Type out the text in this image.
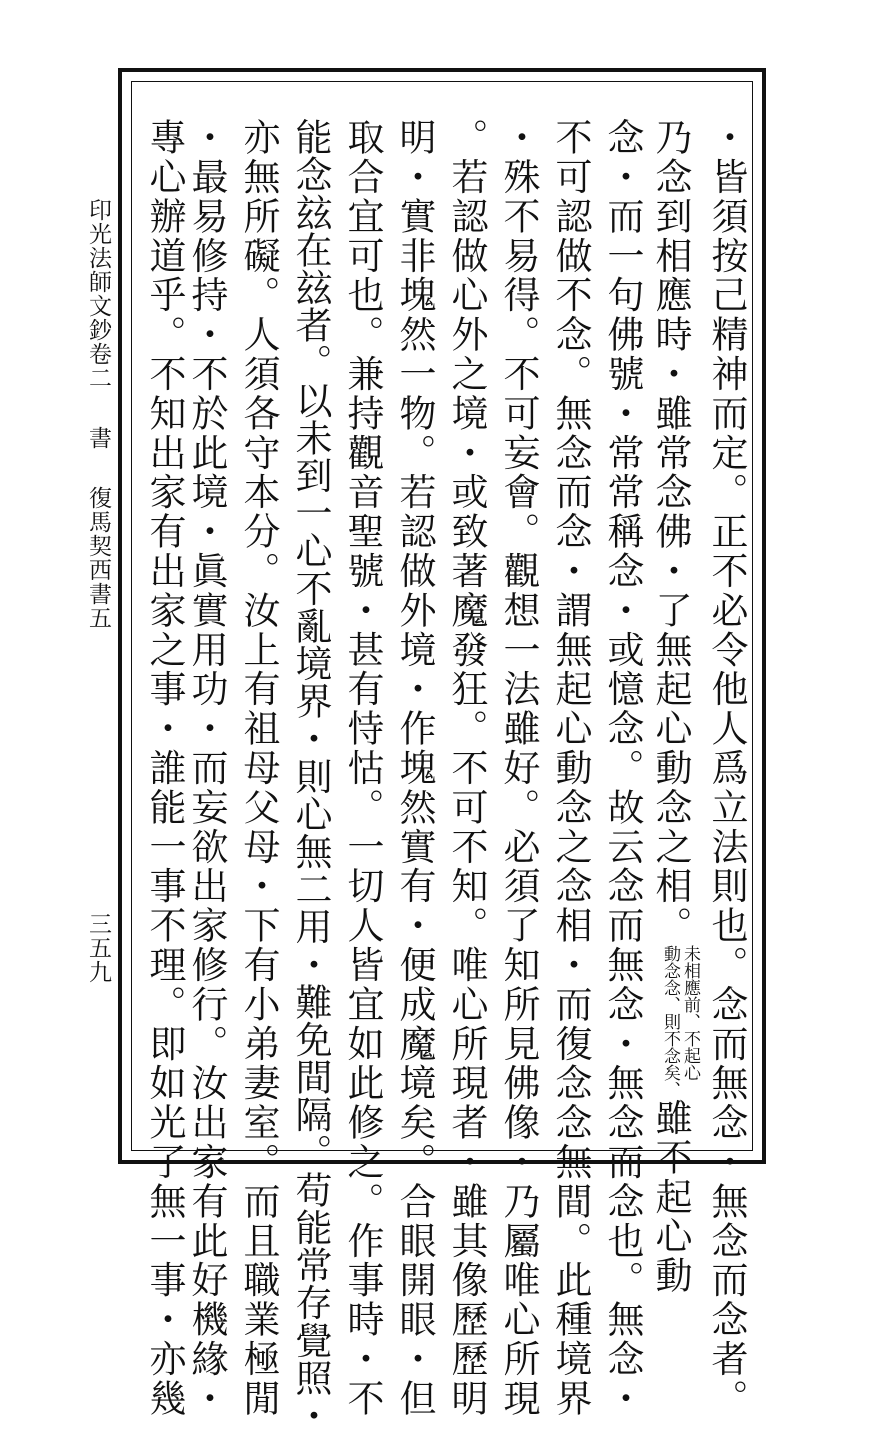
印光法師文鈔卷二書復馬契西書五
三五九	・皆須按己精神而定。正不必令他人爲立法則也。念而無念・無念而念者。
乃念到相應時・雖常念佛・了無起心動念之相。
未相應前、不起心
動念念、則不念矣、
雖不起心動
念・而一句佛號・常常稱念・或憶念。故云念而無念・無念而念也。無念・
不可認做不念。無念而念・謂無起心動念之念相・而復念念無間。此種境界
・殊不易得。不可妄會。觀想一法雖好。必須了知所見佛像・乃屬唯心所現
。若認做心外之境・或致著魔發狂。不可不知。唯心所現者・雖其像歷歷明
明・實非塊然一物。若認做外境・作塊然實有・便成魔境矣。合眼開眼・但
取合宜可也。兼持觀音聖號・甚有恃怙。一切人皆宜如此修之。作事時・不
能念玆在玆者。以未到一心不亂境界・則心無二用・難免間隔。苟能常存覺照・
亦無所礙。人須各守本分。汝上有祖母父母・下有小弟妻室。而且職業極閒
・最易修持・不於此境・眞實用功・而妄欲出家修行。汝出家有此好機緣・
專心辦道乎。不知出家有出家之事・誰能一事不理。即如光了無一事・亦幾
